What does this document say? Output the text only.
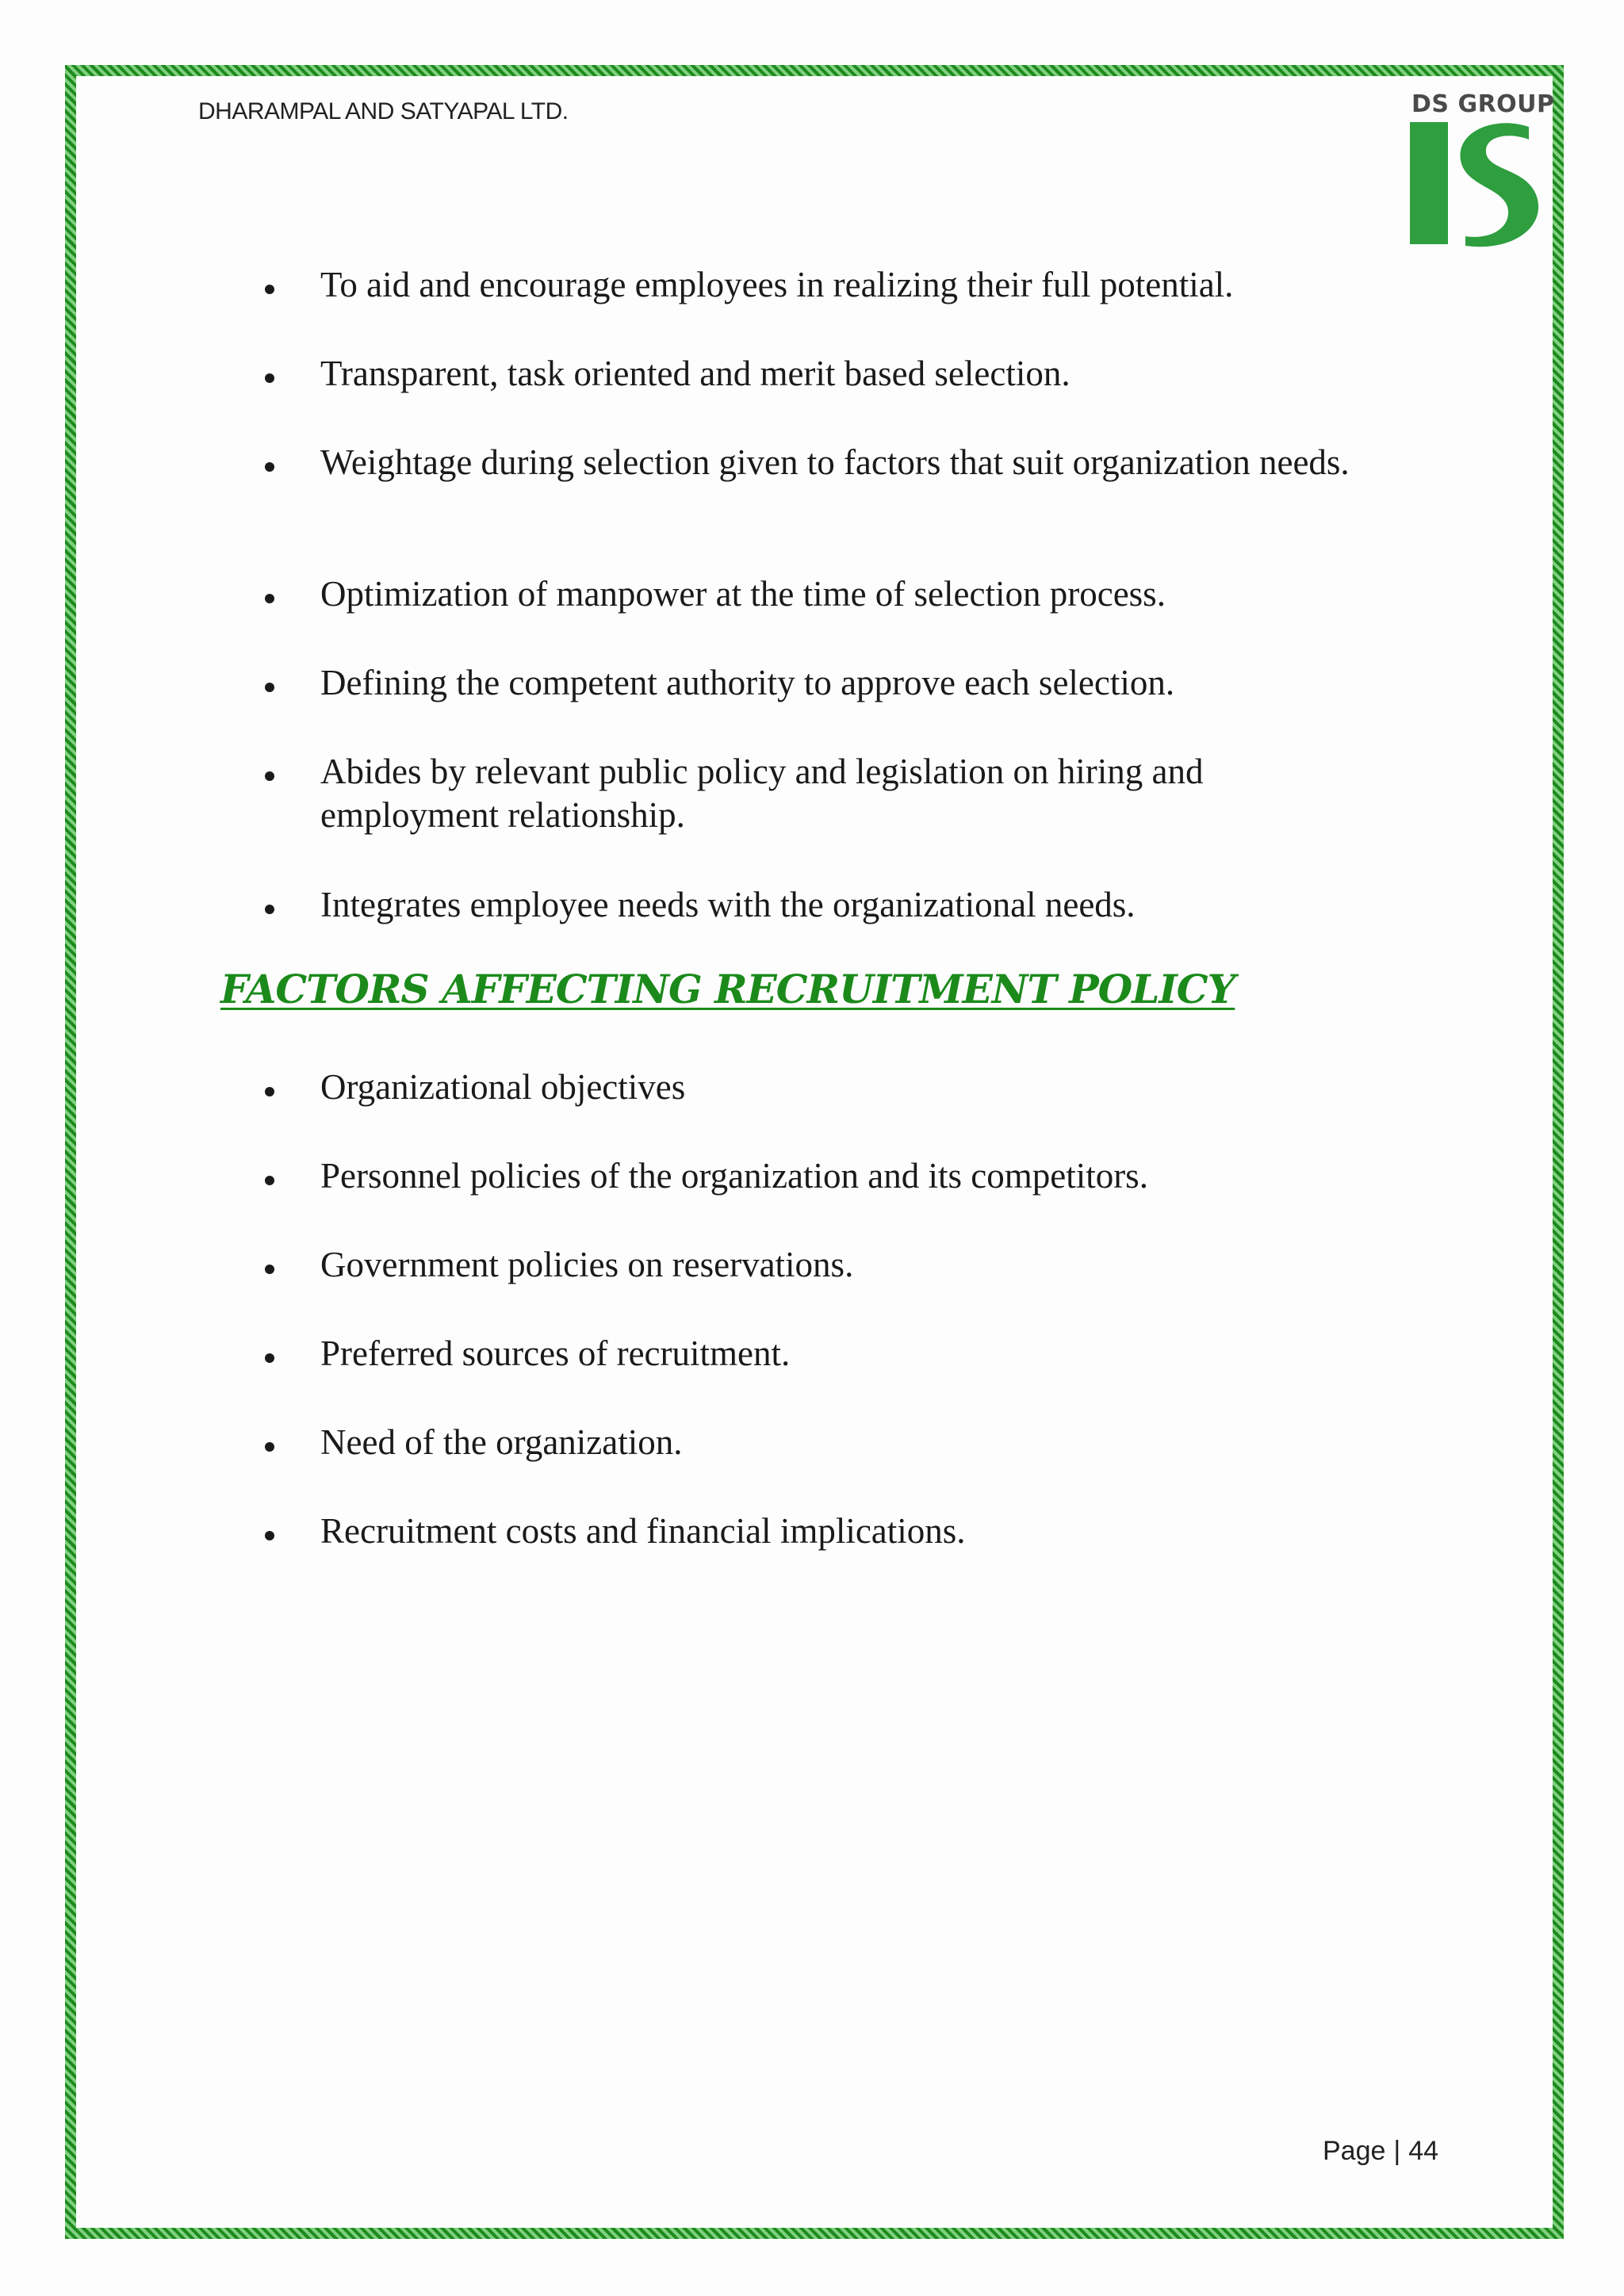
DHARAMPAL AND SATYAPAL LTD.	DS GROUP
To aid and encourage employees in realizing their full potential.
Transparent, task oriented and merit based selection.
Weightage during selection given to factors that suit organization needs.
Optimization of manpower at the time of selection process.
Defining the competent authority to approve each selection.
Abides by relevant public policy and legislation on hiring and employment relationship.
Integrates employee needs with the organizational needs.
FACTORS AFFECTING RECRUITMENT POLICY
Organizational objectives
Personnel policies of the organization and its competitors.
Government policies on reservations.
Preferred sources of recruitment.
Need of the organization.
Recruitment costs and financial implications.
Page | 44
